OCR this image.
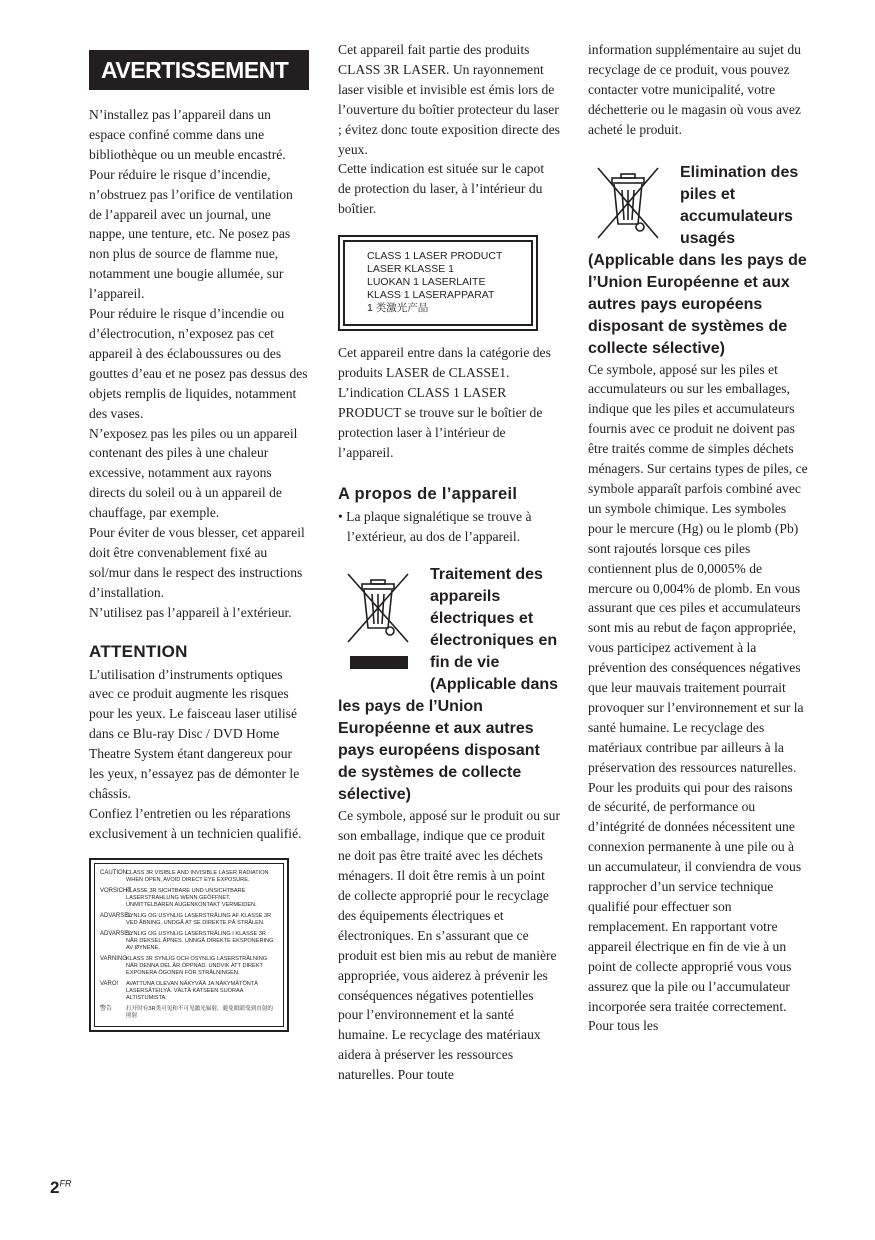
AVERTISSEMENT

N’installez pas l’appareil dans un espace confiné comme dans une bibliothèque ou un meuble encastré.

Pour réduire le risque d’incendie, n’obstruez pas l’orifice de ventilation de l’appareil avec un journal, une nappe, une tenture, etc. Ne posez pas non plus de source de flamme nue, notamment une bougie allumée, sur l’appareil.

Pour réduire le risque d’incendie ou d’électrocution, n’exposez pas cet appareil à des éclaboussures ou des gouttes d’eau et ne posez pas dessus des objets remplis de liquides, notamment des vases.

N’exposez pas les piles ou un appareil contenant des piles à une chaleur excessive, notamment aux rayons directs du soleil ou à un appareil de chauffage, par exemple.

Pour éviter de vous blesser, cet appareil doit être convenablement fixé au sol/mur dans le respect des instructions d’installation.

N’utilisez pas l’appareil à l’extérieur.

ATTENTION

L’utilisation d’instruments optiques avec ce produit augmente les risques pour les yeux. Le faisceau laser utilisé dans ce Blu-ray Disc / DVD Home Theatre System étant dangereux pour les yeux, n’essayez pas de démonter le châssis.

Confiez l’entretien ou les réparations exclusivement à un technicien qualifié.

CAUTION CLASS 3R VISIBLE AND INVISIBLE LASER RADIATION WHEN OPEN, AVOID DIRECT EYE EXPOSURE.
VORSICHT
KLASSE 3R SICHTBARE UND UNSICHTBARE LASERSTRAHLUNG WENN GEÖFFNET. UNMITTELBAREN AUGENKONTAKT VERMEIDEN.
ADVARSEL
SYNLIG OG USYNLIG LASERSTRÅLING AF KLASSE 3R VED ÅBNING. UNDGÅ AT SE DIREKTE PÅ STRÅLEN.
ADVARSEL
SYNLIG OG USYNLIG LASERSTRÅLING I KLASSE 3R NÅR DEKSEL ÅPNES. UNNGÅ DIREKTE EKSPONERING AV ØYNENE.
VARNING KLASS 3R SYNLIG OCH OSYNLIG LASERSTRÅLNING NÄR DENNA DEL ÄR ÖPPNAD. UNDVIK ATT DIREKT EXPONERA ÖGONEN FÖR STRÅLNINGEN.
VARO!	AVATTUNA OLEVAN NÄKYVÄÄ JA NÄKYMÄTÖNTÄ LASERSÄTEILYÄ. VÄLTÄ KATSEEN SUORAA ALTISTUMISTA.
警告	打开时有3R类可见和不可见激光辐射，避免眼睛受到直射的照射

Cet appareil fait partie des produits CLASS 3R LASER. Un rayonnement laser visible et invisible est émis lors de l’ouverture du boîtier protecteur du laser ; évitez donc toute exposition directe des yeux.

Cette indication est située sur le capot de protection du laser, à l’intérieur du boîtier.

CLASS 1 LASER PRODUCT
LASER KLASSE 1
LUOKAN 1 LASERLAITE
KLASS 1 LASERAPPARAT
1 类激光产品

Cet appareil entre dans la catégorie des produits LASER de CLASSE1. L’indication CLASS 1 LASER PRODUCT se trouve sur le boîtier de protection laser à l’intérieur de l’appareil.

A propos de l’appareil

• La plaque signalétique se trouve à l’extérieur, au dos de l’appareil.

Traitement des appareils électriques et électroniques en fin de vie (Applicable dans les pays de l’Union Européenne et aux autres pays européens disposant de systèmes de collecte sélective)

Ce symbole, apposé sur le produit ou sur son emballage, indique que ce produit ne doit pas être traité avec les déchets ménagers. Il doit être remis à un point de collecte approprié pour le recyclage des équipements électriques et électroniques. En s’assurant que ce produit est bien mis au rebut de manière appropriée, vous aiderez à prévenir les conséquences négatives potentielles pour l’environnement et la santé humaine. Le recyclage des matériaux aidera à préserver les ressources naturelles. Pour toute

information supplémentaire au sujet du recyclage de ce produit, vous pouvez contacter votre municipalité, votre déchetterie ou le magasin où vous avez acheté le produit.

Elimination des piles et accumulateurs usagés (Applicable dans les pays de l’Union Européenne et aux autres pays européens disposant de systèmes de collecte sélective)

Ce symbole, apposé sur les piles et accumulateurs ou sur les emballages, indique que les piles et accumulateurs fournis avec ce produit ne doivent pas être traités comme de simples déchets ménagers. Sur certains types de piles, ce symbole apparaît parfois combiné avec un symbole chimique. Les symboles pour le mercure (Hg) ou le plomb (Pb) sont rajoutés lorsque ces piles contiennent plus de 0,0005% de mercure ou 0,004% de plomb. En vous assurant que ces piles et accumulateurs sont mis au rebut de façon appropriée, vous participez activement à la prévention des conséquences négatives que leur mauvais traitement pourrait provoquer sur l’environnement et sur la santé humaine. Le recyclage des matériaux contribue par ailleurs à la préservation des ressources naturelles. Pour les produits qui pour des raisons de sécurité, de performance ou d’intégrité de données nécessitent une connexion permanente à une pile ou à un accumulateur, il conviendra de vous rapprocher d’un service technique qualifié pour effectuer son remplacement. En rapportant votre appareil électrique en fin de vie à un point de collecte approprié vous vous assurez que la pile ou l’accumulateur incorporée sera traitée correctement. Pour tous les

$2^{FR}$
